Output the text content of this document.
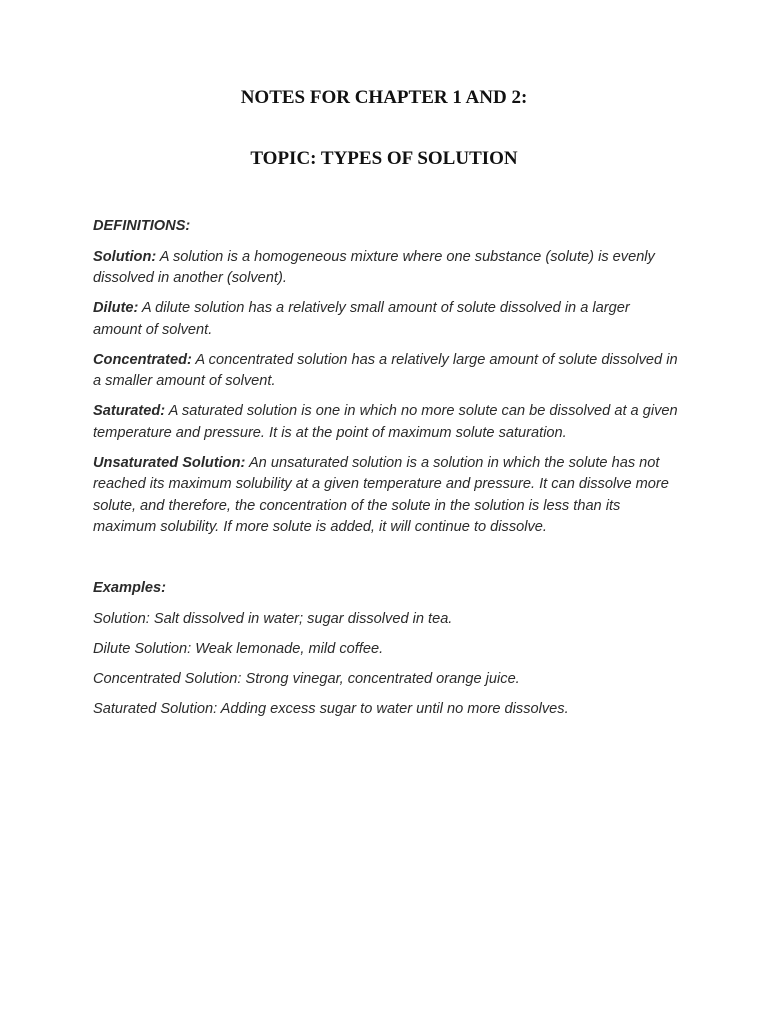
NOTES FOR CHAPTER 1 AND 2:
TOPIC: TYPES OF SOLUTION

DEFINITIONS:

Solution: A solution is a homogeneous mixture where one substance (solute) is evenly dissolved in another (solvent).

Dilute: A dilute solution has a relatively small amount of solute dissolved in a larger amount of solvent.

Concentrated: A concentrated solution has a relatively large amount of solute dissolved in a smaller amount of solvent.

Saturated: A saturated solution is one in which no more solute can be dissolved at a given temperature and pressure. It is at the point of maximum solute saturation.

Unsaturated Solution: An unsaturated solution is a solution in which the solute has not reached its maximum solubility at a given temperature and pressure. It can dissolve more solute, and therefore, the concentration of the solute in the solution is less than its maximum solubility. If more solute is added, it will continue to dissolve.

Examples:

Solution: Salt dissolved in water; sugar dissolved in tea.

Dilute Solution: Weak lemonade, mild coffee.

Concentrated Solution: Strong vinegar, concentrated orange juice.

Saturated Solution: Adding excess sugar to water until no more dissolves.
